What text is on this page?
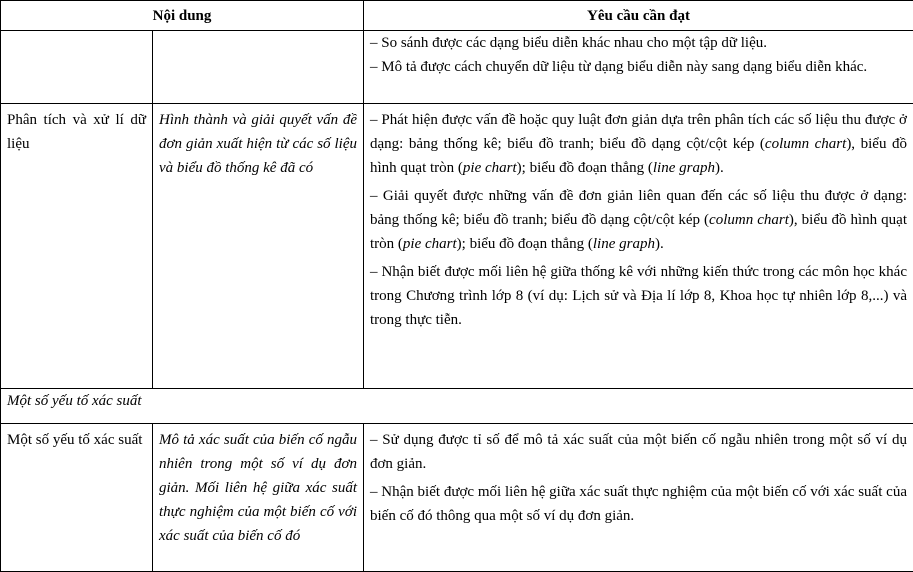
Nội dung		Yêu cầu cần đạt

		– So sánh được các dạng biểu diễn khác nhau cho một tập dữ liệu.

– Mô tả được cách chuyển dữ liệu từ dạng biểu diễn này sang dạng biểu diễn khác.

Phân tích và xử lí dữ liệu	Hình thành và giải quyết vấn đề đơn giản xuất hiện từ các số liệu và biểu đồ thống kê đã có	– Phát hiện được vấn đề hoặc quy luật đơn giản dựa trên phân tích các số liệu thu được ở dạng: bảng thống kê; biểu đồ tranh; biểu đồ dạng cột/cột kép (column chart), biểu đồ hình quạt tròn (pie chart); biểu đồ đoạn thẳng (line graph).

– Giải quyết được những vấn đề đơn giản liên quan đến các số liệu thu được ở dạng: bảng thống kê; biểu đồ tranh; biểu đồ dạng cột/cột kép (column chart), biểu đồ hình quạt tròn (pie chart); biểu đồ đoạn thẳng (line graph).

– Nhận biết được mối liên hệ giữa thống kê với những kiến thức trong các môn học khác trong Chương trình lớp 8 (ví dụ: Lịch sử và Địa lí lớp 8, Khoa học tự nhiên lớp 8,...) và trong thực tiễn.

Một số yếu tố xác suất		
Một số yếu tố xác suất	Mô tả xác suất của biến cố ngẫu nhiên trong một số ví dụ đơn giản. Mối liên hệ giữa xác suất thực nghiệm của một biến cố với xác suất của biến cố đó	– Sử dụng được tỉ số để mô tả xác suất của một biến cố ngẫu nhiên trong một số ví dụ đơn giản.

– Nhận biết được mối liên hệ giữa xác suất thực nghiệm của một biến cố với xác suất của biến cố đó thông qua một số ví dụ đơn giản.
